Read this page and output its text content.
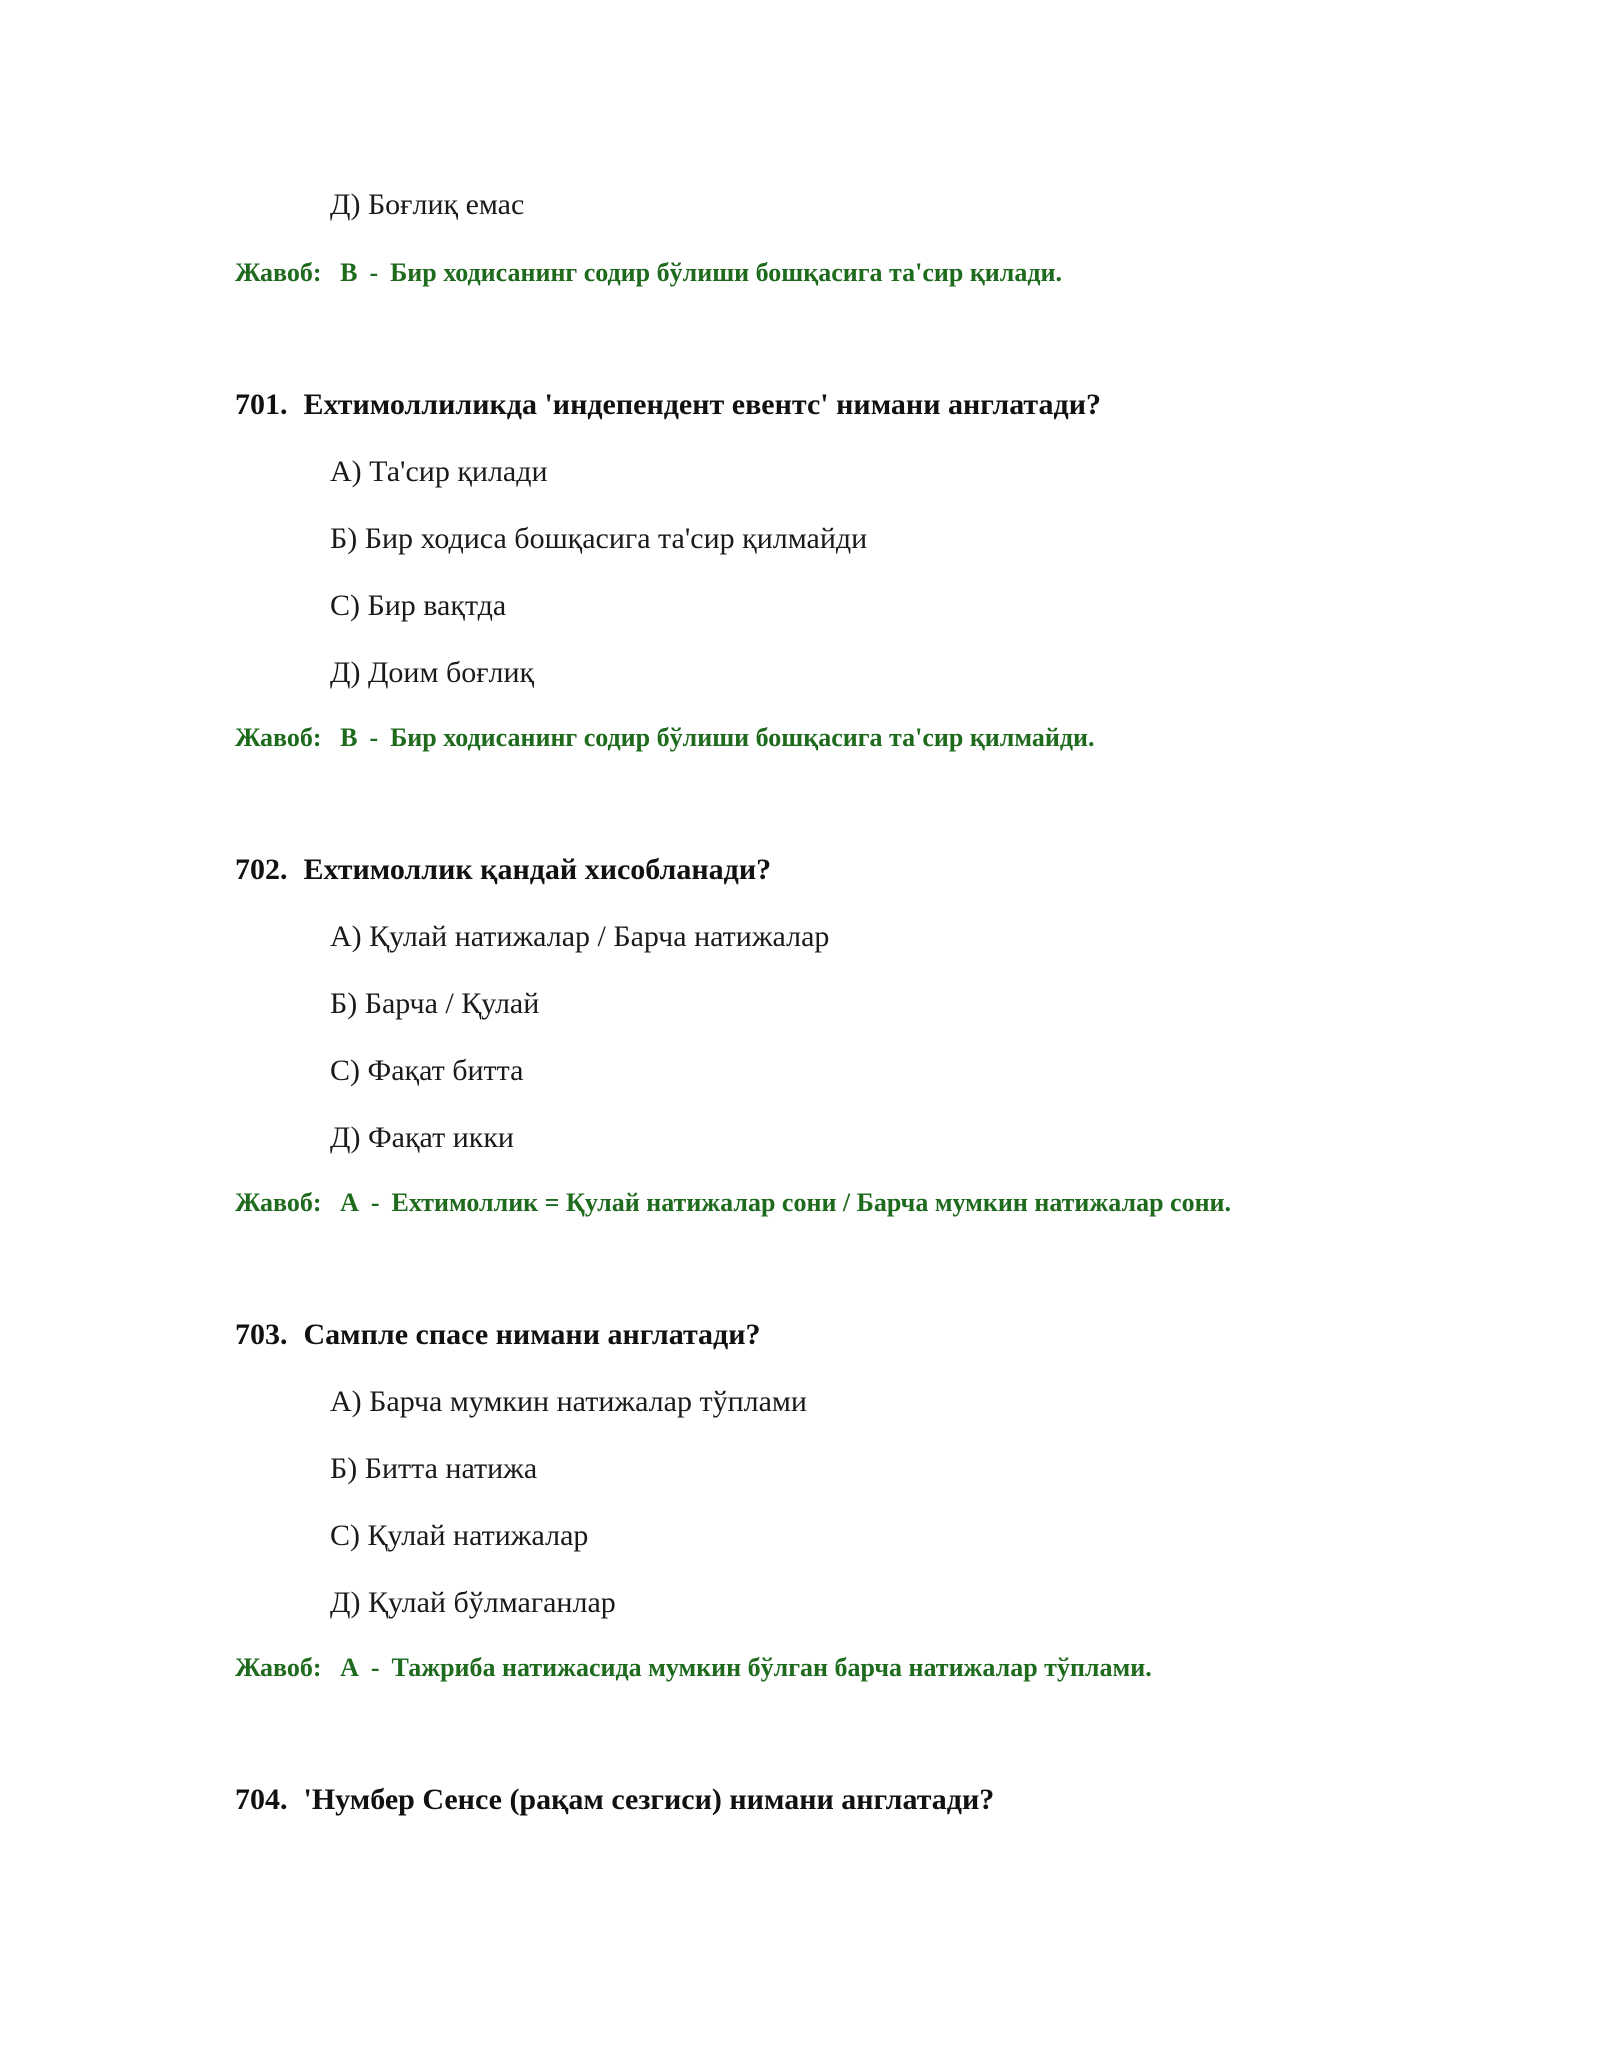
Д) Боғлиқ емас
Жавоб: В - Бир ходисанинг содир бўлиши бошқасига та'сир қилади.
701. Ехтимоллиликда 'индепендент евентс' нимани англатади?
А) Та'сир қилади
Б) Бир ходиса бошқасига та'сир қилмайди
С) Бир вақтда
Д) Доим боғлиқ
Жавоб: В - Бир ходисанинг содир бўлиши бошқасига та'сир қилмайди.
702. Ехтимоллик қандай хисобланади?
А) Қулай натижалар / Барча натижалар
Б) Барча / Қулай
С) Фақат битта
Д) Фақат икки
Жавоб: А - Ехтимоллик = Қулай натижалар сони / Барча мумкин натижалар сони.
703. Сампле спасе нимани англатади?
А) Барча мумкин натижалар тўплами
Б) Битта натижа
С) Қулай натижалар
Д) Қулай бўлмаганлар
Жавоб: А - Тажриба натижасида мумкин бўлган барча натижалар тўплами.
704. 'Нумбер Сенсе (рақам сезгиси) нимани англатади?
